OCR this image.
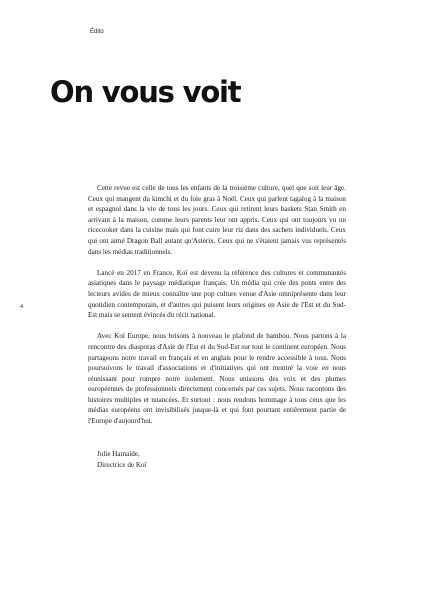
Édito
On vous voit
4

Cette revue est celle de tous les enfants de la troisième culture, quel que soit leur âge. Ceux qui mangent du kimchi et du foie gras à Noël. Ceux qui parlent tagalog à la maison et espagnol dans la vie de tous les jours. Ceux qui retirent leurs baskets Stan Smith en arrivant à la maison, comme leurs parents leur ont appris. Ceux qui ont toujours vu un ricecooker dans la cuisine mais qui font cuire leur riz dans des sachets individuels. Ceux qui ont aimé Dragon Ball autant qu'Astérix. Ceux qui ne s'étaient jamais vus représentés dans les médias traditionnels.

Lancé en 2017 en France, Koï est devenu la référence des cultures et communautés asiatiques dans le paysage médiatique français. Un média qui crée des ponts entre des lecteurs avides de mieux connaître une pop culture venue d'Asie omniprésente dans leur quotidien contemporain, et d'autres qui puisent leurs origines en Asie de l'Est et du Sud-Est mais se sentent évincés du récit national.

Avec Koï Europe, nous brisons à nouveau le plafond de bambou. Nous partons à la rencontre des diasporas d'Asie de l'Est et du Sud-Est sur tout le continent européen. Nous partageons notre travail en français et en anglais pour le rendre accessible à tous. Nous poursuivons le travail d'associations et d'initiatives qui ont montré la voie en nous réunissant pour rompre notre isolement. Nous unissons des voix et des plumes européennes de professionnels directement concernés par ces sujets. Nous racontons des histoires multiples et nuancées. Et surtout : nous rendons hommage à tous ceux que les médias européens ont invisibilisés jusque-là et qui font pourtant entièrement partie de l'Europe d'aujourd'hui.

Julie Hamaïde,
Directrice de Koï
